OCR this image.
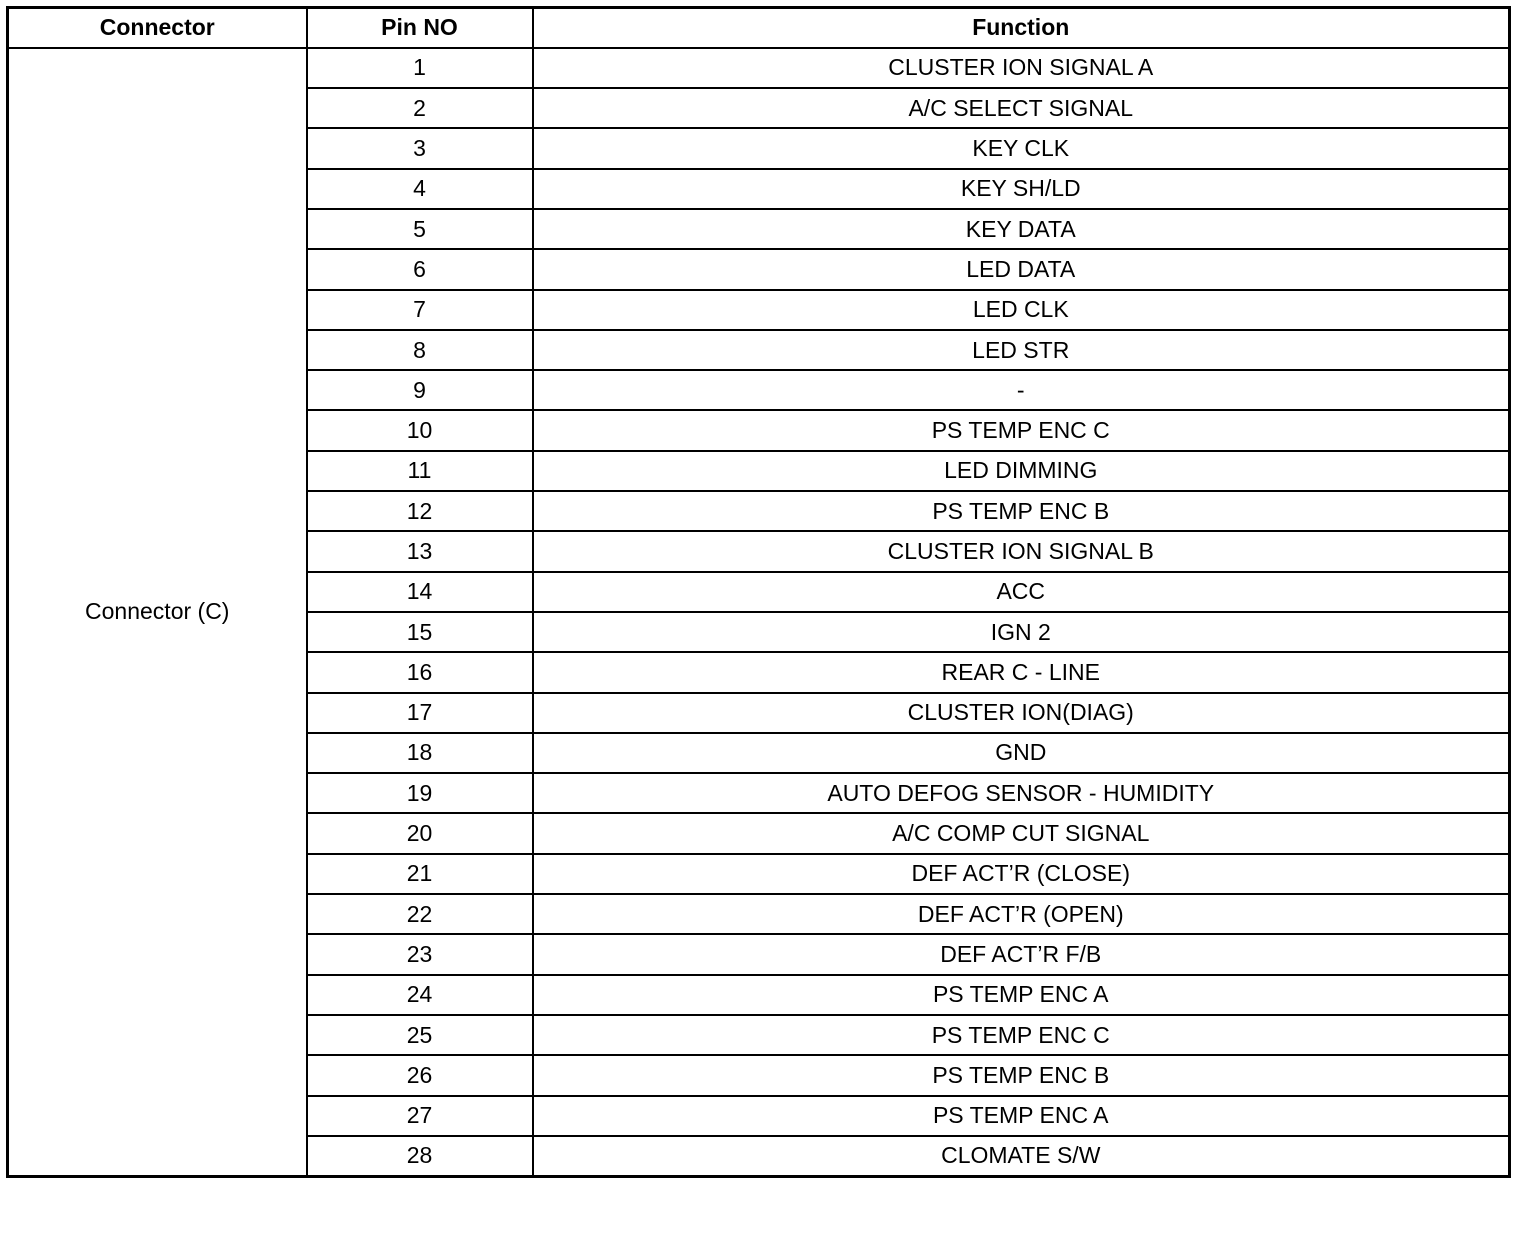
Connector	Pin NO	Function
Connector (C)	1	CLUSTER ION SIGNAL A
	2	A/C SELECT SIGNAL
	3	KEY CLK
	4	KEY SH/LD
	5	KEY DATA
	6	LED DATA
	7	LED CLK
	8	LED STR
	9	-
	10	PS TEMP ENC C
	11	LED DIMMING
	12	PS TEMP ENC B
	13	CLUSTER ION SIGNAL B
	14	ACC
	15	IGN 2
	16	REAR C - LINE
	17	CLUSTER ION(DIAG)
	18	GND
	19	AUTO DEFOG SENSOR - HUMIDITY
	20	A/C COMP CUT SIGNAL
	21	DEF ACT’R (CLOSE)
	22	DEF ACT’R (OPEN)
	23	DEF ACT’R F/B
	24	PS TEMP ENC A
	25	PS TEMP ENC C
	26	PS TEMP ENC B
	27	PS TEMP ENC A
	28	CLOMATE S/W
